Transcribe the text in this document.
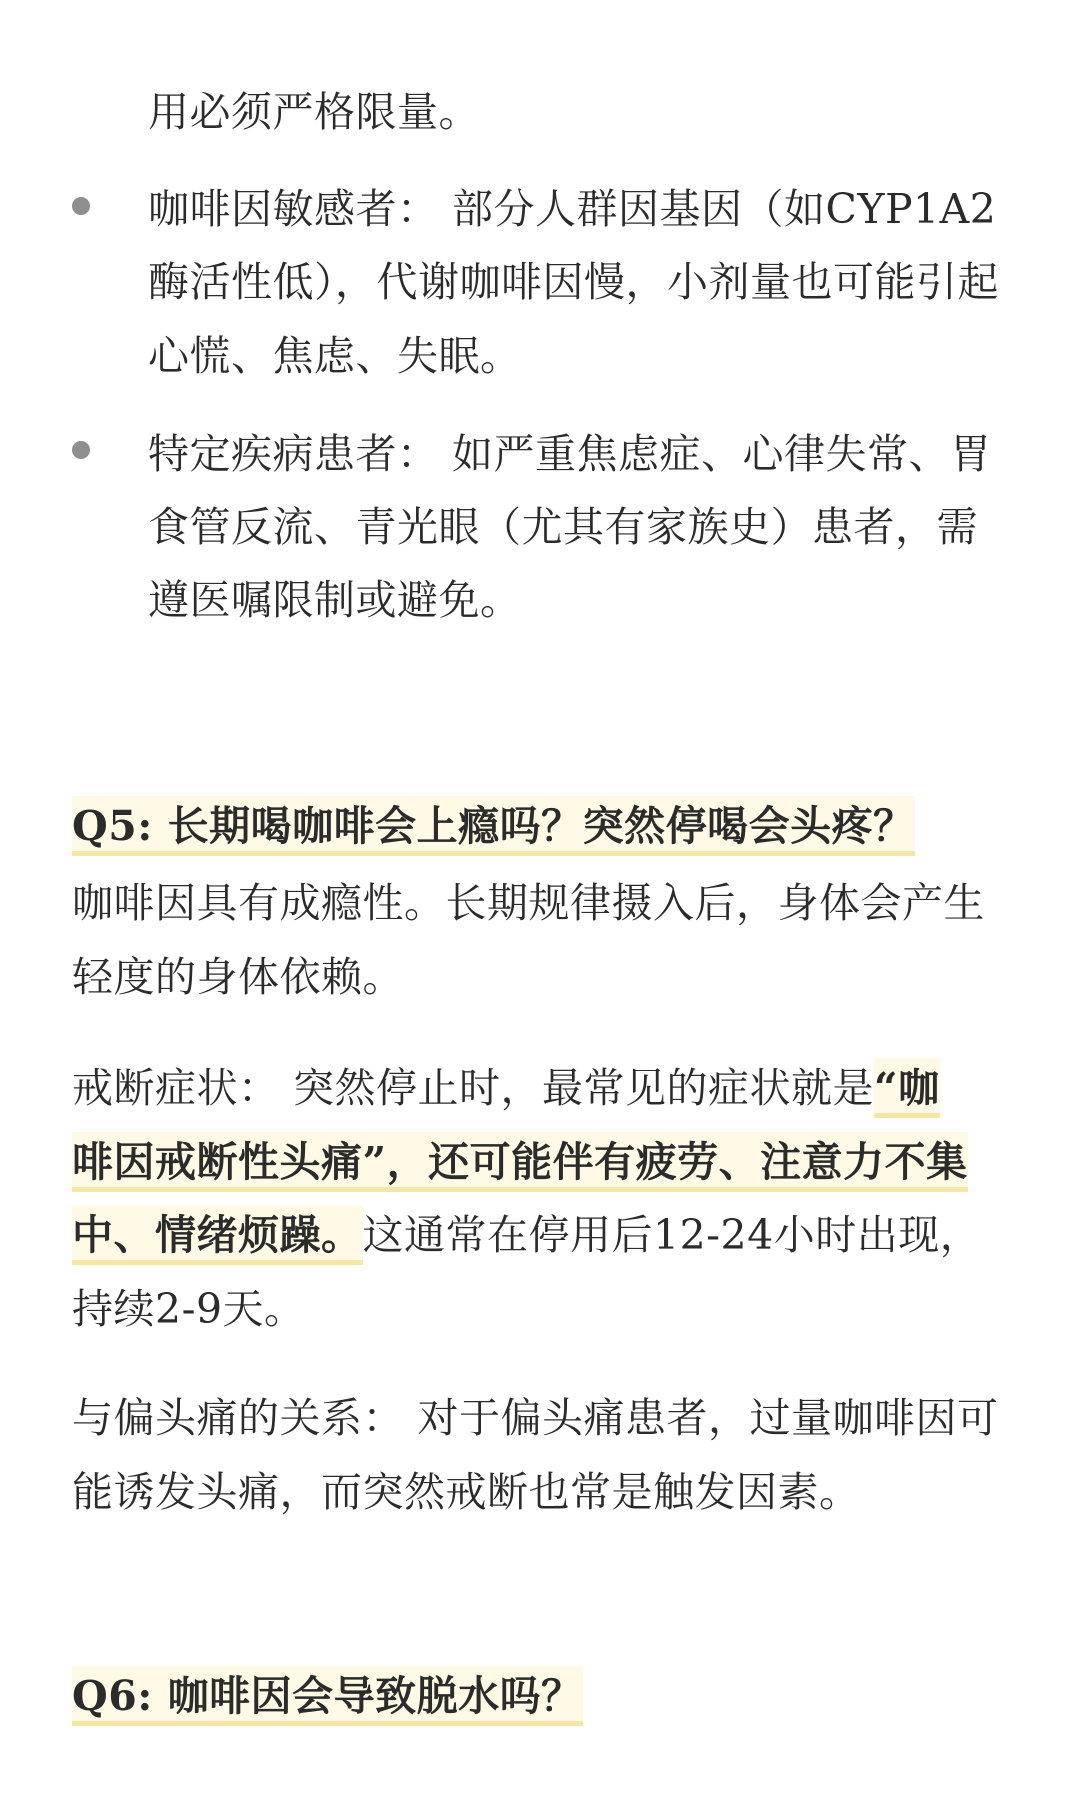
用必须严格限量。
咖啡因敏感者： 部分人群因基因（如CYP1A2
酶活性低），代谢咖啡因慢，小剂量也可能引起
心慌、焦虑、失眠。
特定疾病患者： 如严重焦虑症、心律失常、胃
食管反流、青光眼（尤其有家族史）患者，需
遵医嘱限制或避免。
Q5: 长期喝咖啡会上瘾吗？突然停喝会头疼？
咖啡因具有成瘾性。长期规律摄入后，身体会产生
轻度的身体依赖。
戒断症状： 突然停止时，最常见的症状就是“咖
啡因戒断性头痛”，还可能伴有疲劳、注意力不集
中、情绪烦躁。这通常在停用后12-24小时出现，
持续2-9天。
与偏头痛的关系： 对于偏头痛患者，过量咖啡因可
能诱发头痛，而突然戒断也常是触发因素。
Q6: 咖啡因会导致脱水吗？
